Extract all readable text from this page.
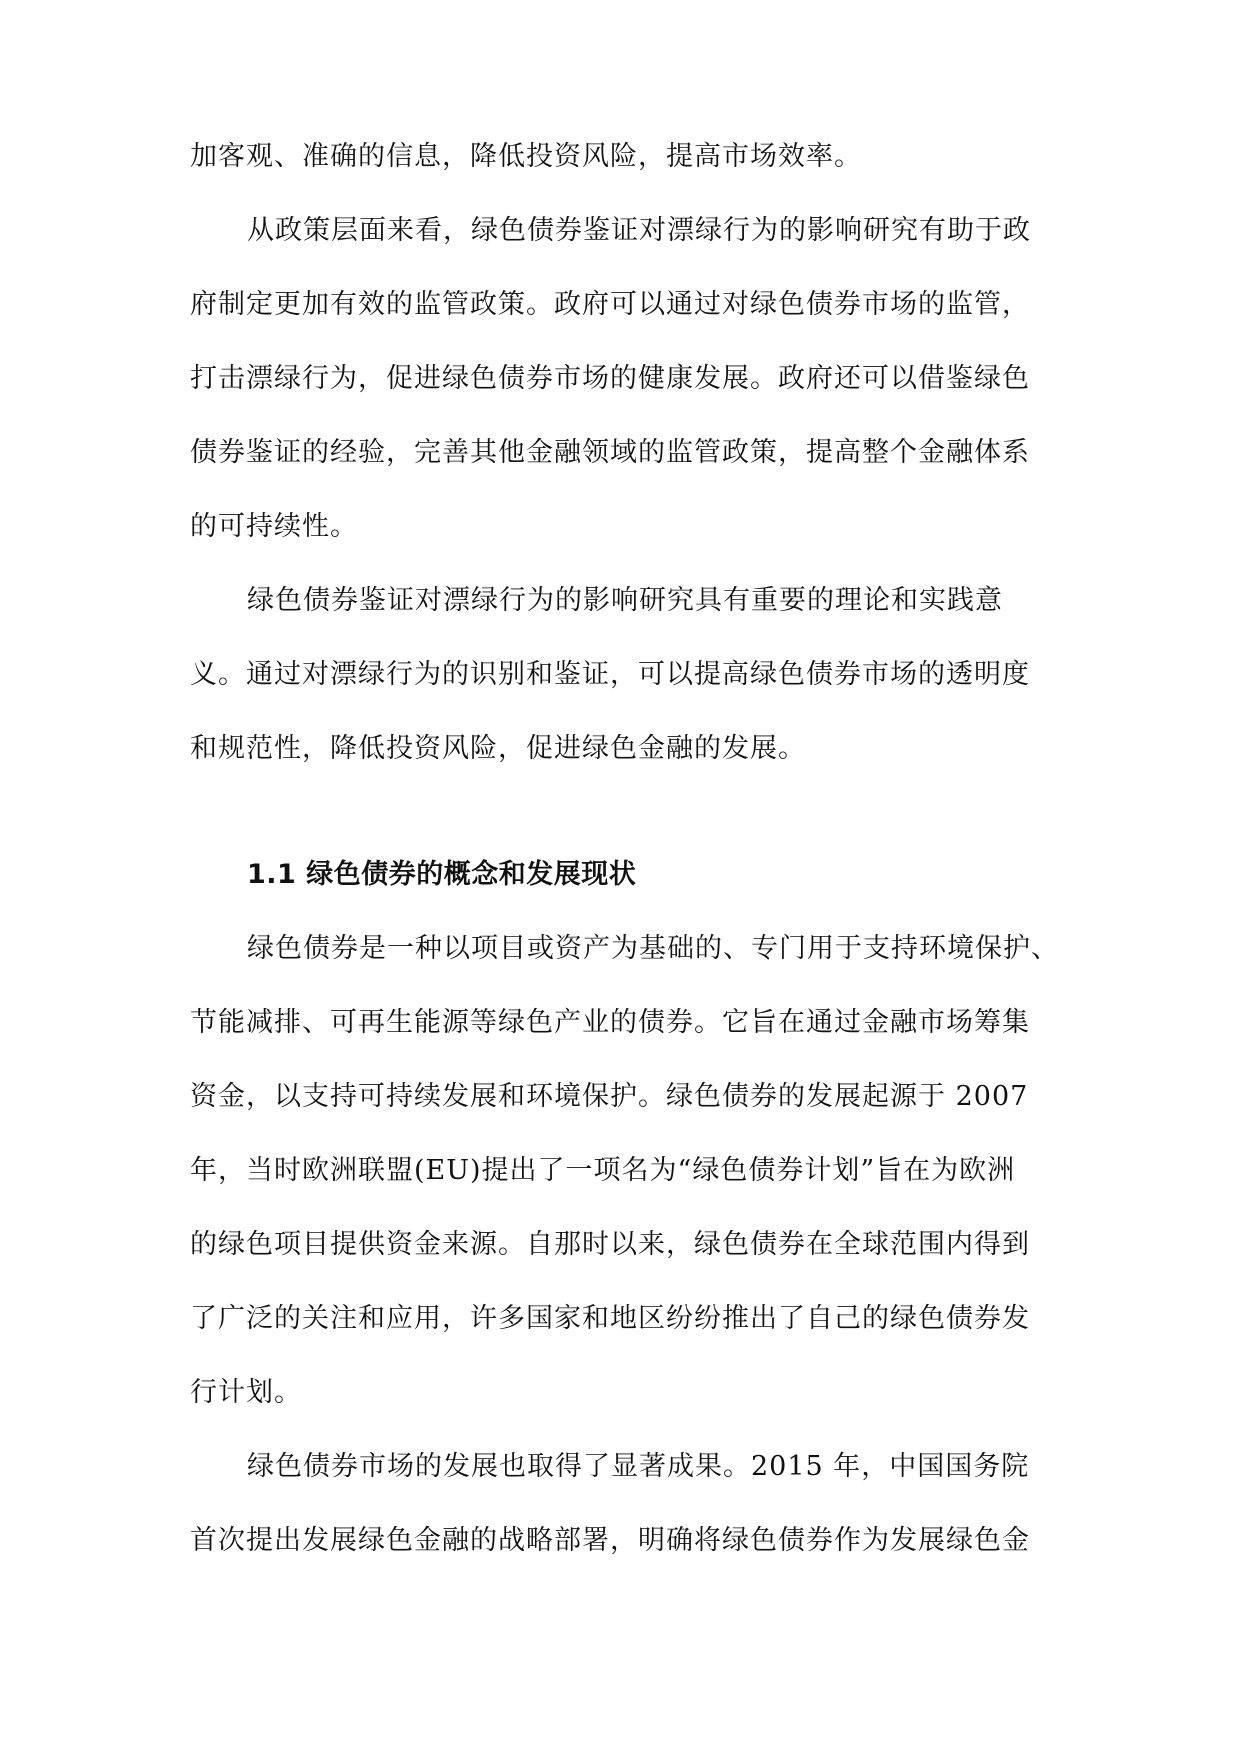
加客观、准确的信息，降低投资风险，提高市场效率。

从政策层面来看，绿色债券鉴证对漂绿行为的影响研究有助于政

府制定更加有效的监管政策。政府可以通过对绿色债券市场的监管，

打击漂绿行为，促进绿色债券市场的健康发展。政府还可以借鉴绿色

债券鉴证的经验，完善其他金融领域的监管政策，提高整个金融体系

的可持续性。

绿色债券鉴证对漂绿行为的影响研究具有重要的理论和实践意

义。通过对漂绿行为的识别和鉴证，可以提高绿色债券市场的透明度

和规范性，降低投资风险，促进绿色金融的发展。

1.1 绿色债券的概念和发展现状

绿色债券是一种以项目或资产为基础的、专门用于支持环境保护、

节能减排、可再生能源等绿色产业的债券。它旨在通过金融市场筹集

资金，以支持可持续发展和环境保护。绿色债券的发展起源于 2007

年，当时欧洲联盟(EU)提出了一项名为“绿色债券计划”旨在为欧洲

的绿色项目提供资金来源。自那时以来，绿色债券在全球范围内得到

了广泛的关注和应用，许多国家和地区纷纷推出了自己的绿色债券发

行计划。

绿色债券市场的发展也取得了显著成果。2015 年，中国国务院

首次提出发展绿色金融的战略部署，明确将绿色债券作为发展绿色金
